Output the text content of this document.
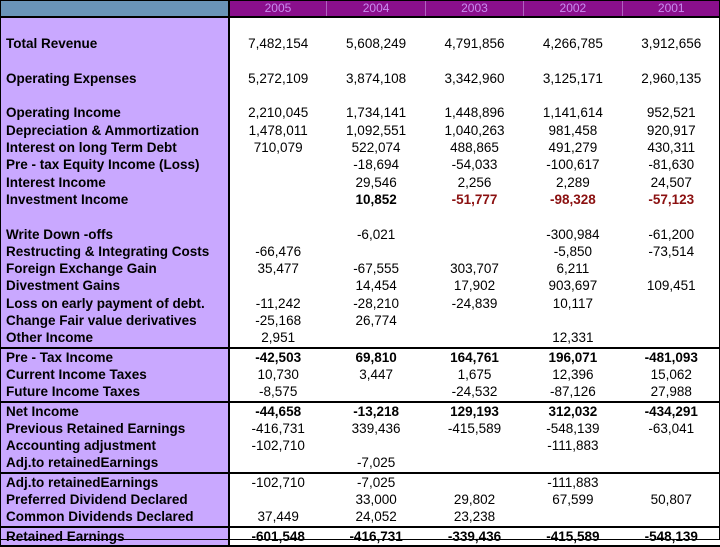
	2005	2004	2003	2002	2001

Total Revenue	7,482,154	5,608,249	4,791,856	4,266,785	3,912,656

Operating Expenses	5,272,109	3,874,108	3,342,960	3,125,171	2,960,135

Operating Income	2,210,045	1,734,141	1,448,896	1,141,614	952,521
Depreciation & Ammortization	1,478,011	1,092,551	1,040,263	981,458	920,917
Interest on long Term Debt	710,079	522,074	488,865	491,279	430,311
Pre - tax Equity Income (Loss)		-18,694	-54,033	-100,617	-81,630
Interest Income		29,546	2,256	2,289	24,507
Investment Income		10,852	-51,777	-98,328	-57,123

Write Down -offs		-6,021		-300,984	-61,200
Restructing & Integrating Costs	-66,476			-5,850	-73,514
Foreign Exchange Gain	35,477	-67,555	303,707	6,211	
Divestment Gains		14,454	17,902	903,697	109,451
Loss on early payment of debt.	-11,242	-28,210	-24,839	10,117	
Change Fair value derivatives	-25,168	26,774			
Other Income	2,951			12,331	
Pre - Tax Income	-42,503	69,810	164,761	196,071	-481,093
Current Income Taxes	10,730	3,447	1,675	12,396	15,062
Future Income Taxes	-8,575		-24,532	-87,126	27,988
Net Income	-44,658	-13,218	129,193	312,032	-434,291
Previous Retained Earnings	-416,731	339,436	-415,589	-548,139	-63,041
Accounting adjustment	-102,710			-111,883	
Adj.to retainedEarnings		-7,025			
Adj.to retainedEarnings	-102,710	-7,025		-111,883	
Preferred Dividend Declared		33,000	29,802	67,599	50,807
Common Dividends Declared	37,449	24,052	23,238		
Retained Earnings	-601,548	-416,731	-339,436	-415,589	-548,139
